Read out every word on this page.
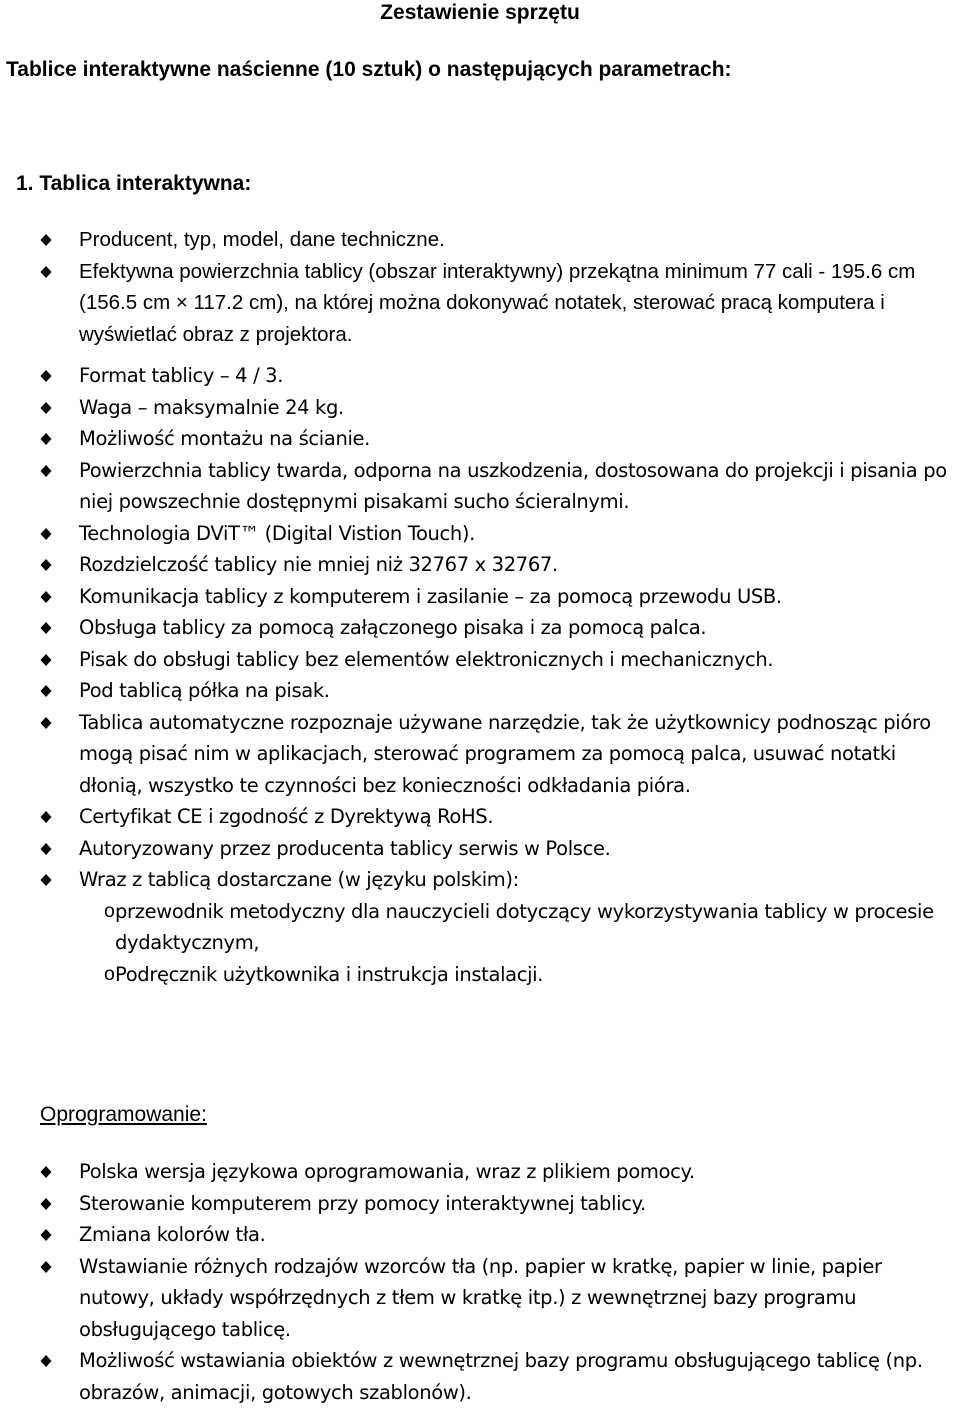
Zestawienie sprzętu
Tablice interaktywne naścienne (10 sztuk) o następujących parametrach:
1. Tablica interaktywna:
Producent, typ, model, dane techniczne.
Efektywna powierzchnia tablicy (obszar interaktywny) przekątna minimum 77 cali - 195.6 cm (156.5 cm × 117.2 cm), na której można dokonywać notatek, sterować pracą komputera i wyświetlać obraz z projektora.
Format tablicy – 4 / 3.
Waga – maksymalnie 24 kg.
Możliwość montażu na ścianie.
Powierzchnia tablicy twarda, odporna na uszkodzenia, dostosowana do projekcji i pisania po niej powszechnie dostępnymi pisakami sucho ścieralnymi.
Technologia DViT™ (Digital Vistion Touch).
Rozdzielczość tablicy nie mniej niż 32767 x 32767.
Komunikacja tablicy z komputerem i zasilanie – za pomocą przewodu USB.
Obsługa tablicy za pomocą załączonego pisaka i za pomocą palca.
Pisak do obsługi tablicy bez elementów elektronicznych i mechanicznych.
Pod tablicą półka na pisak.
Tablica automatyczne rozpoznaje używane narzędzie, tak że użytkownicy podnosząc pióro mogą pisać nim w aplikacjach, sterować programem za pomocą palca, usuwać notatki dłonią, wszystko te czynności bez konieczności odkładania pióra.
Certyfikat CE i zgodność z Dyrektywą RoHS.
Autoryzowany przez producenta tablicy serwis w Polsce.
Wraz z tablicą dostarczane (w języku polskim):
o przewodnik metodyczny dla nauczycieli dotyczący wykorzystywania tablicy w procesie dydaktycznym,
o Podręcznik użytkownika i instrukcja instalacji.
Oprogramowanie:
Polska wersja językowa oprogramowania, wraz z plikiem pomocy.
Sterowanie komputerem przy pomocy interaktywnej tablicy.
Zmiana kolorów tła.
Wstawianie różnych rodzajów wzorców tła (np. papier w kratkę, papier w linie, papier nutowy, układy współrzędnych z tłem w kratkę itp.) z wewnętrznej bazy programu obsługującego tablicę.
Możliwość wstawiania obiektów z wewnętrznej bazy programu obsługującego tablicę (np. obrazów, animacji, gotowych szablonów).
